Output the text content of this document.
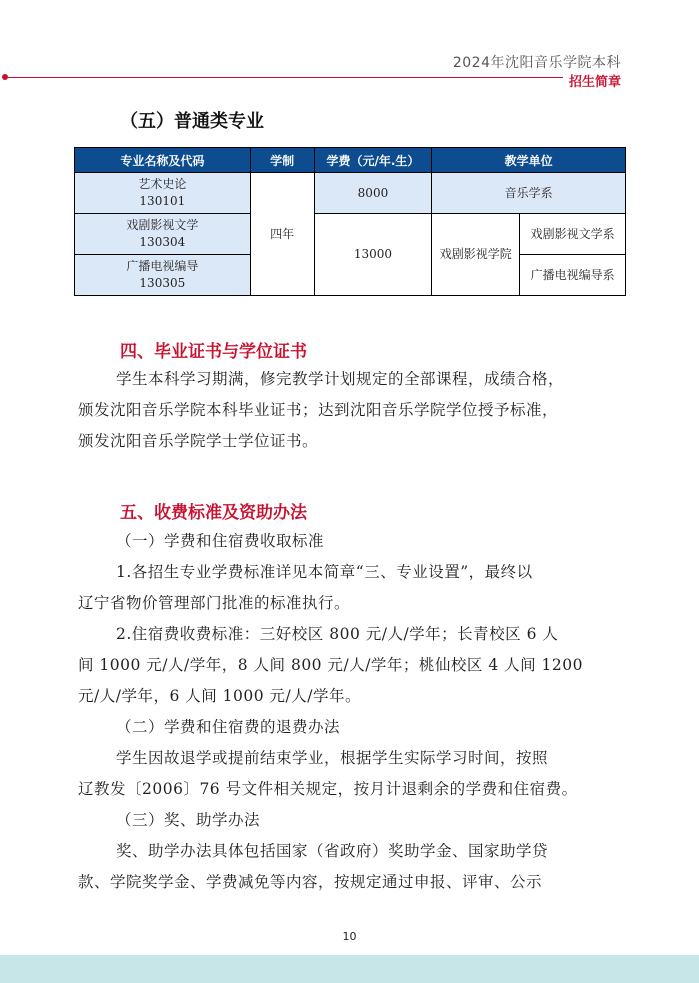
2024年沈阳音乐学院本科
招生简章
（五）普通类专业
专业名称及代码	学制	学费（元/年.生）	教学单位	

艺术史论
130101	四年	8000	音乐学系	

戏剧影视文学
130304		13000	戏剧影视学院	戏剧影视文学系

广播电视编导
130305				广播电视编导系
四、毕业证书与学位证书
学生本科学习期满，修完教学计划规定的全部课程，成绩合格，
颁发沈阳音乐学院本科毕业证书；达到沈阳音乐学院学位授予标准，
颁发沈阳音乐学院学士学位证书。
五、收费标准及资助办法
（一）学费和住宿费收取标准
1.各招生专业学费标准详见本简章“三、专业设置”，最终以
辽宁省物价管理部门批准的标准执行。
2.住宿费收费标准：三好校区 800 元/人/学年；长青校区 6 人
间 1000 元/人/学年，8 人间 800 元/人/学年；桃仙校区 4 人间 1200
元/人/学年，6 人间 1000 元/人/学年。
（二）学费和住宿费的退费办法
学生因故退学或提前结束学业，根据学生实际学习时间，按照
辽教发〔2006〕76 号文件相关规定，按月计退剩余的学费和住宿费。
（三）奖、助学办法
奖、助学办法具体包括国家（省政府）奖助学金、国家助学贷
款、学院奖学金、学费减免等内容，按规定通过申报、评审、公示
10
